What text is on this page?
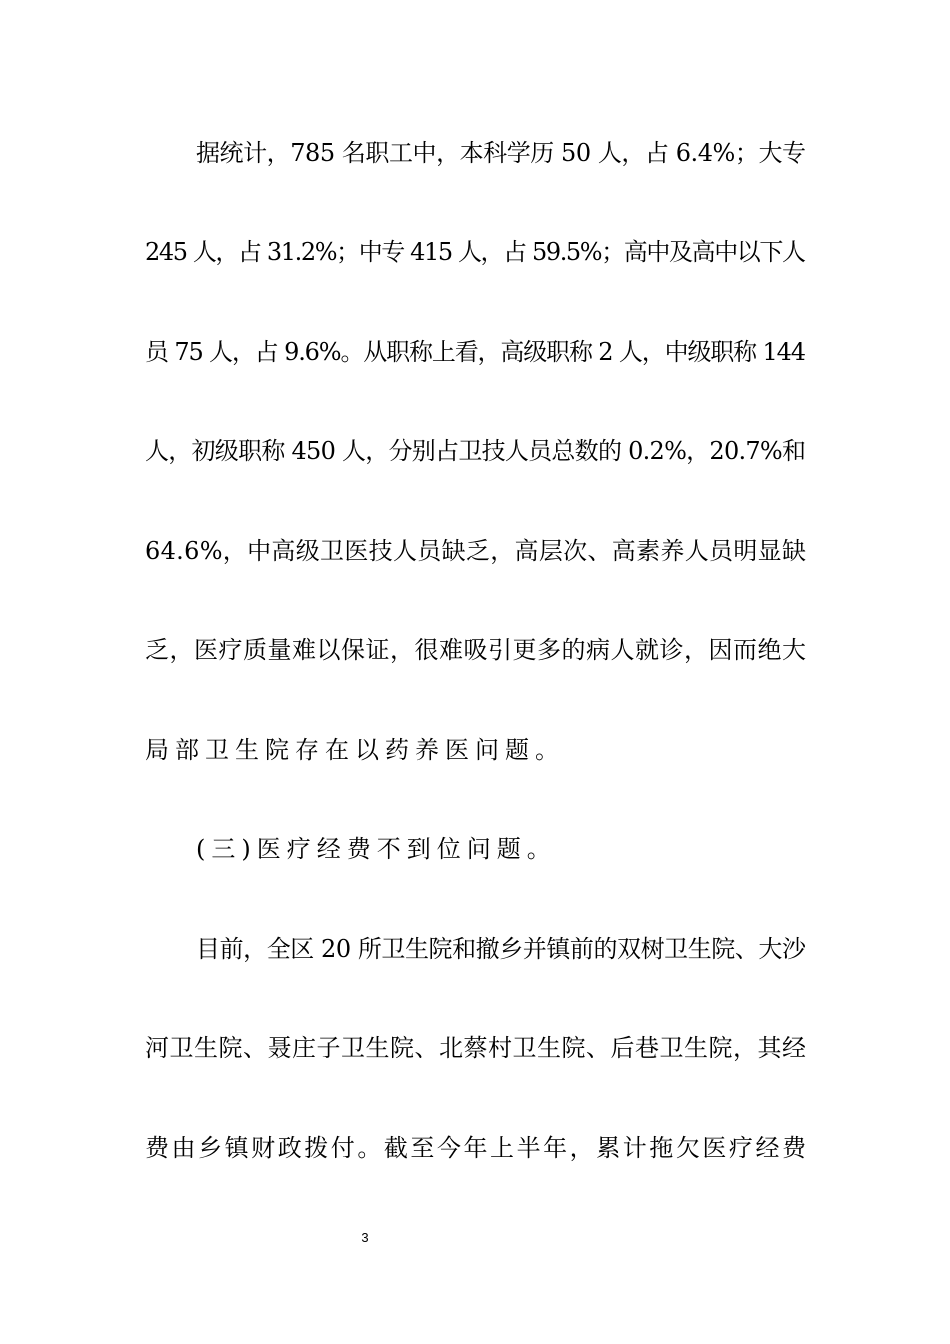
据统计，785 名职工中，本科学历 50 人，占 6.4%；大专
245 人，占 31.2%；中专 415 人，占 59.5%；高中及高中以下人
员 75 人，占 9.6%。从职称上看，高级职称 2 人，中级职称 144
人，初级职称 450 人，分别占卫技人员总数的 0.2%，20.7%和
64.6%，中高级卫医技人员缺乏，高层次、高素养人员明显缺
乏，医疗质量难以保证，很难吸引更多的病人就诊，因而绝大
局部卫生院存在以药养医问题。
(三)医疗经费不到位问题。
目前，全区 20 所卫生院和撤乡并镇前的双树卫生院、大沙
河卫生院、聂庄子卫生院、北蔡村卫生院、后巷卫生院，其经
费由乡镇财政拨付。截至今年上半年，累计拖欠医疗经费
3
